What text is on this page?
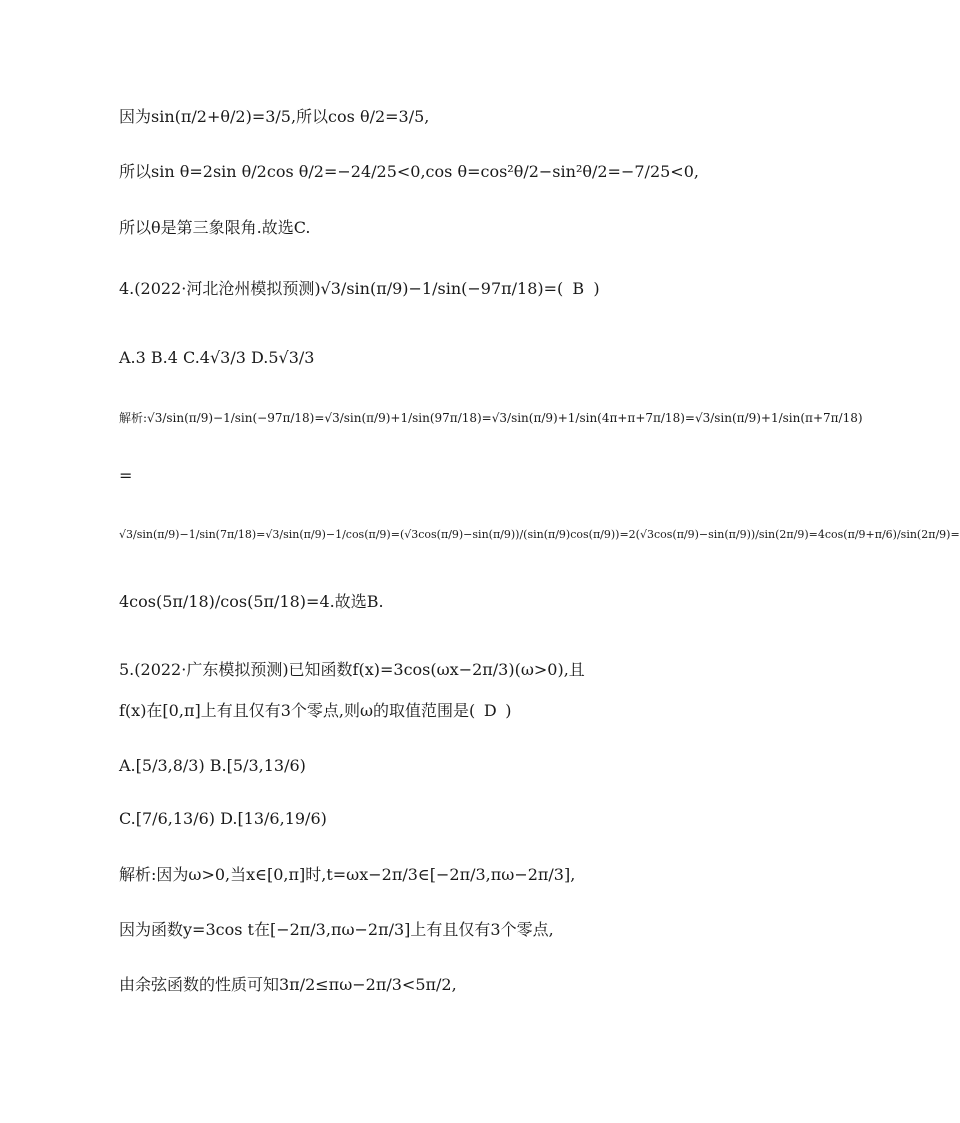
因为sin(π/2+θ/2)=3/5,所以cos θ/2=3/5,
所以sin θ=2sin θ/2cos θ/2=−24/25<0,cos θ=cos²θ/2−sin²θ/2=−7/25<0,
所以θ是第三象限角.故选C.
4.(2022·河北沧州模拟预测)√3/sin(π/9)−1/sin(−97π/18)=( B )
A.3 B.4 C.4√3/3 D.5√3/3
解析:√3/sin(π/9)−1/sin(−97π/18)=√3/sin(π/9)+1/sin(97π/18)=√3/sin(π/9)+1/sin(4π+π+7π/18)=√3/sin(π/9)+1/sin(π+7π/18)
=
√3/sin(π/9)−1/sin(7π/18)=√3/sin(π/9)−1/cos(π/9)=(√3cos(π/9)−sin(π/9))/(sin(π/9)cos(π/9))=2(√3cos(π/9)−sin(π/9))/sin(2π/9)=4cos(π/9+π/6)/sin(2π/9)=
4cos(5π/18)/cos(5π/18)=4.故选B.
5.(2022·广东模拟预测)已知函数f(x)=3cos(ωx−2π/3)(ω>0),且
f(x)在[0,π]上有且仅有3个零点,则ω的取值范围是( D )
A.[5/3,8/3) B.[5/3,13/6)
C.[7/6,13/6) D.[13/6,19/6)
解析:因为ω>0,当x∈[0,π]时,t=ωx−2π/3∈[−2π/3,πω−2π/3],
因为函数y=3cos t在[−2π/3,πω−2π/3]上有且仅有3个零点,
由余弦函数的性质可知3π/2≤πω−2π/3<5π/2,
